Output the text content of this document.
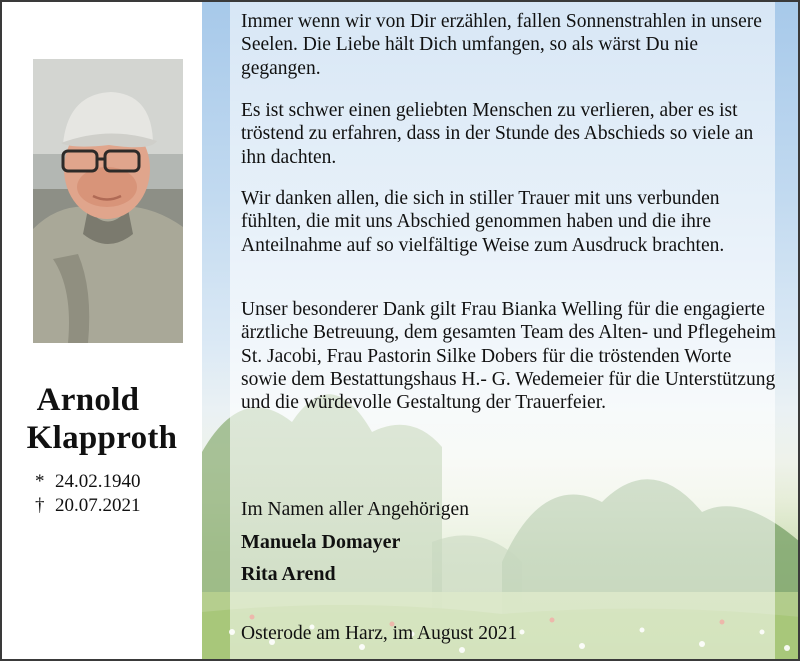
Arnold
Klapproth
* 24.02.1940
† 20.07.2021

Immer wenn wir von Dir erzählen, fallen Sonnenstrahlen in unsere Seelen. Die Liebe hält Dich umfangen, so als wärst Du nie gegangen.

Es ist schwer einen geliebten Menschen zu verlieren, aber es ist tröstend zu erfahren, dass in der Stunde des Abschieds so viele an ihn dachten.

Wir danken allen, die sich in stiller Trauer mit uns verbunden fühlten, die mit uns Abschied genommen haben und die ihre Anteilnahme auf so vielfältige Weise zum Ausdruck brachten.

Unser besonderer Dank gilt Frau Bianka Welling für die engagierte ärztliche Betreuung, dem gesamten Team des Alten- und Pflegeheim St. Jacobi, Frau Pastorin Silke Dobers für die tröstenden Worte sowie dem Bestattungshaus H.- G. Wedemeier für die Unterstützung und die würdevolle Gestaltung der Trauerfeier.

Im Namen aller Angehörigen
Manuela Domayer
Rita Arend
Osterode am Harz, im August 2021
